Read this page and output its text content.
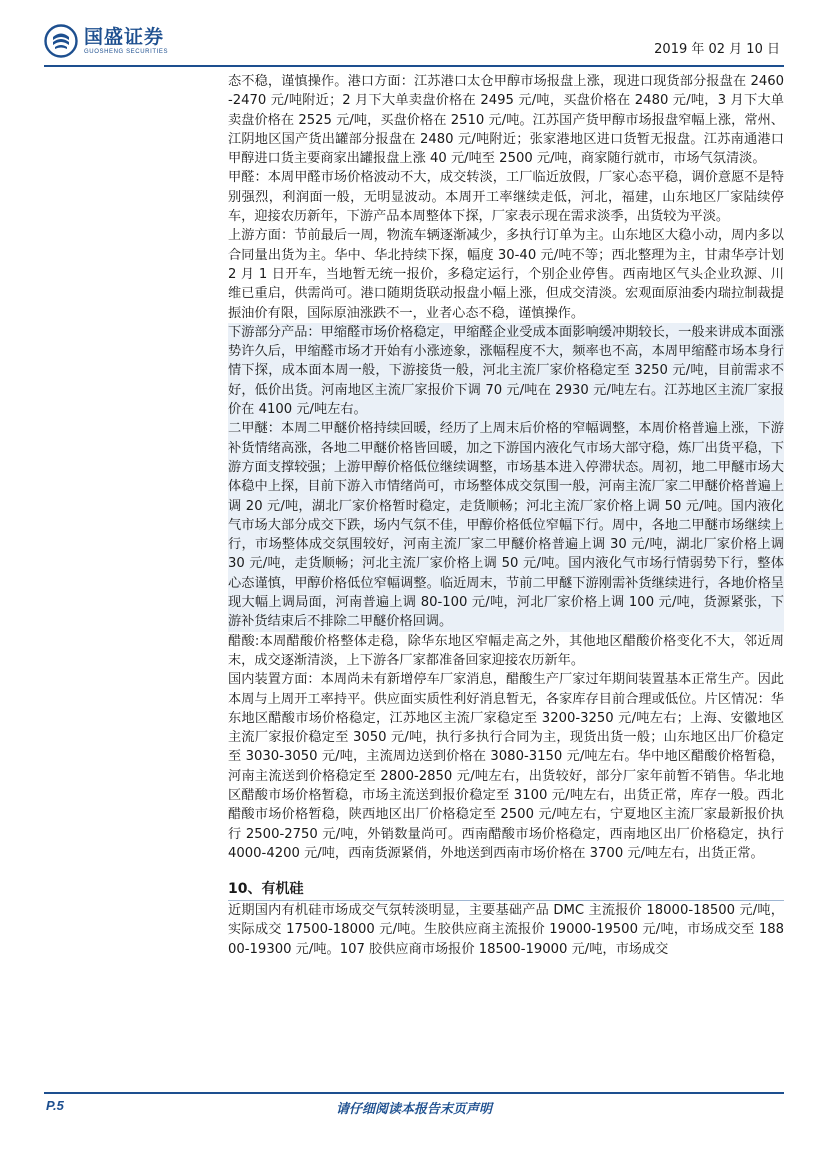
国盛证券
GUOSHENG SECURITIES	2019 年 02 月 10 日

态不稳，谨慎操作。港口方面：江苏港口太仓甲醇市场报盘上涨，现进口现货部分报盘在 2460-2470 元/吨附近；2 月下大单卖盘价格在 2495 元/吨，买盘价格在 2480 元/吨，3 月下大单卖盘价格在 2525 元/吨，买盘价格在 2510 元/吨。江苏国产货甲醇市场报盘窄幅上涨，常州、江阴地区国产货出罐部分报盘在 2480 元/吨附近；张家港地区进口货暂无报盘。江苏南通港口甲醇进口货主要商家出罐报盘上涨 40 元/吨至 2500 元/吨，商家随行就市，市场气氛清淡。

甲醛：本周甲醛市场价格波动不大，成交转淡，工厂临近放假，厂家心态平稳，调价意愿不是特别强烈，利润面一般，无明显波动。本周开工率继续走低，河北，福建，山东地区厂家陆续停车，迎接农历新年，下游产品本周整体下探，厂家表示现在需求淡季，出货较为平淡。

上游方面：节前最后一周，物流车辆逐渐减少，多执行订单为主。山东地区大稳小动，周内多以合同量出货为主。华中、华北持续下探，幅度 30-40 元/吨不等；西北整理为主，甘肃华亭计划 2 月 1 日开车，当地暂无统一报价，多稳定运行，个别企业停售。西南地区气头企业玖源、川维已重启，供需尚可。港口随期货联动报盘小幅上涨，但成交清淡。宏观面原油委内瑞拉制裁提振油价有限，国际原油涨跌不一，业者心态不稳，谨慎操作。

下游部分产品：甲缩醛市场价格稳定，甲缩醛企业受成本面影响缓冲期较长，一般来讲成本面涨势许久后，甲缩醛市场才开始有小涨迹象，涨幅程度不大，频率也不高，本周甲缩醛市场本身行情下探，成本面本周一般，下游接货一般，河北主流厂家价格稳定至 3250 元/吨，目前需求不好，低价出货。河南地区主流厂家报价下调 70 元/吨在 2930 元/吨左右。江苏地区主流厂家报价在 4100 元/吨左右。

二甲醚：本周二甲醚价格持续回暖，经历了上周末后价格的窄幅调整，本周价格普遍上涨，下游补货情绪高涨，各地二甲醚价格皆回暖，加之下游国内液化气市场大部守稳，炼厂出货平稳，下游方面支撑较强；上游甲醇价格低位继续调整，市场基本进入停滞状态。周初，地二甲醚市场大体稳中上探，目前下游入市情绪尚可，市场整体成交氛围一般，河南主流厂家二甲醚价格普遍上调 20 元/吨，湖北厂家价格暂时稳定，走货顺畅；河北主流厂家价格上调 50 元/吨。国内液化气市场大部分成交下跌，场内气氛不佳，甲醇价格低位窄幅下行。周中，各地二甲醚市场继续上行，市场整体成交氛围较好，河南主流厂家二甲醚价格普遍上调 30 元/吨，湖北厂家价格上调 30 元/吨，走货顺畅；河北主流厂家价格上调 50 元/吨。国内液化气市场行情弱势下行，整体心态谨慎，甲醇价格低位窄幅调整。临近周末，节前二甲醚下游刚需补货继续进行，各地价格呈现大幅上调局面，河南普遍上调 80-100 元/吨，河北厂家价格上调 100 元/吨，货源紧张，下游补货结束后不排除二甲醚价格回调。

醋酸:本周醋酸价格整体走稳，除华东地区窄幅走高之外，其他地区醋酸价格变化不大，邻近周末，成交逐渐清淡，上下游各厂家都准备回家迎接农历新年。

国内装置方面：本周尚未有新增停车厂家消息，醋酸生产厂家过年期间装置基本正常生产。因此本周与上周开工率持平。供应面实质性利好消息暂无，各家库存目前合理或低位。片区情况：华东地区醋酸市场价格稳定，江苏地区主流厂家稳定至 3200-3250 元/吨左右；上海、安徽地区主流厂家报价稳定至 3050 元/吨，执行多执行合同为主，现货出货一般；山东地区出厂价稳定至 3030-3050 元/吨，主流周边送到价格在 3080-3150 元/吨左右。华中地区醋酸价格暂稳，河南主流送到价格稳定至 2800-2850 元/吨左右，出货较好，部分厂家年前暂不销售。华北地区醋酸市场价格暂稳，市场主流送到报价稳定至 3100 元/吨左右，出货正常，库存一般。西北醋酸市场价格暂稳，陕西地区出厂价格稳定至 2500 元/吨左右，宁夏地区主流厂家最新报价执行 2500-2750 元/吨，外销数量尚可。西南醋酸市场价格稳定，西南地区出厂价格稳定，执行 4000-4200 元/吨，西南货源紧俏，外地送到西南市场价格在 3700 元/吨左右，出货正常。

10、有机硅

近期国内有机硅市场成交气氛转淡明显，主要基础产品 DMC 主流报价 18000-18500 元/吨，实际成交 17500-18000 元/吨。生胶供应商主流报价 19000-19500 元/吨，市场成交至 18800-19300 元/吨。107 胶供应商市场报价 18500-19000 元/吨，市场成交

P.5	请仔细阅读本报告末页声明
